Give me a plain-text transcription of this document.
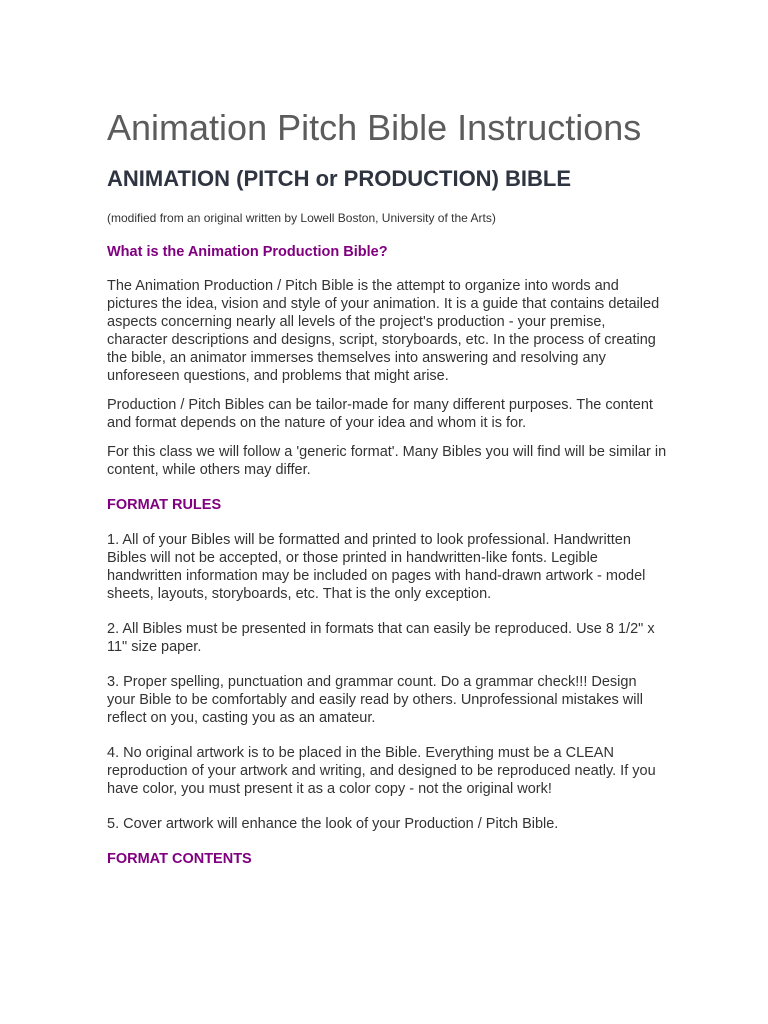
Animation Pitch Bible Instructions
ANIMATION (PITCH or PRODUCTION) BIBLE

(modified from an original written by Lowell Boston, University of the Arts)

What is the Animation Production Bible?

The Animation Production / Pitch Bible is the attempt to organize into words and pictures the idea, vision and style of your animation. It is a guide that contains detailed aspects concerning nearly all levels of the project's production - your premise, character descriptions and designs, script, storyboards, etc. In the process of creating the bible, an animator immerses themselves into answering and resolving any unforeseen questions, and problems that might arise.

Production / Pitch Bibles can be tailor-made for many different purposes. The content and format depends on the nature of your idea and whom it is for.

For this class we will follow a 'generic format'. Many Bibles you will find will be similar in content, while others may differ.

FORMAT RULES

1. All of your Bibles will be formatted and printed to look professional. Handwritten Bibles will not be accepted, or those printed in handwritten-like fonts. Legible handwritten information may be included on pages with hand-drawn artwork - model sheets, layouts, storyboards, etc. That is the only exception.

2. All Bibles must be presented in formats that can easily be reproduced. Use 8 1/2" x 11" size paper.

3. Proper spelling, punctuation and grammar count. Do a grammar check!!! Design your Bible to be comfortably and easily read by others. Unprofessional mistakes will reflect on you, casting you as an amateur.

4. No original artwork is to be placed in the Bible. Everything must be a CLEAN reproduction of your artwork and writing, and designed to be reproduced neatly. If you have color, you must present it as a color copy - not the original work!

5. Cover artwork will enhance the look of your Production / Pitch Bible.

FORMAT CONTENTS
